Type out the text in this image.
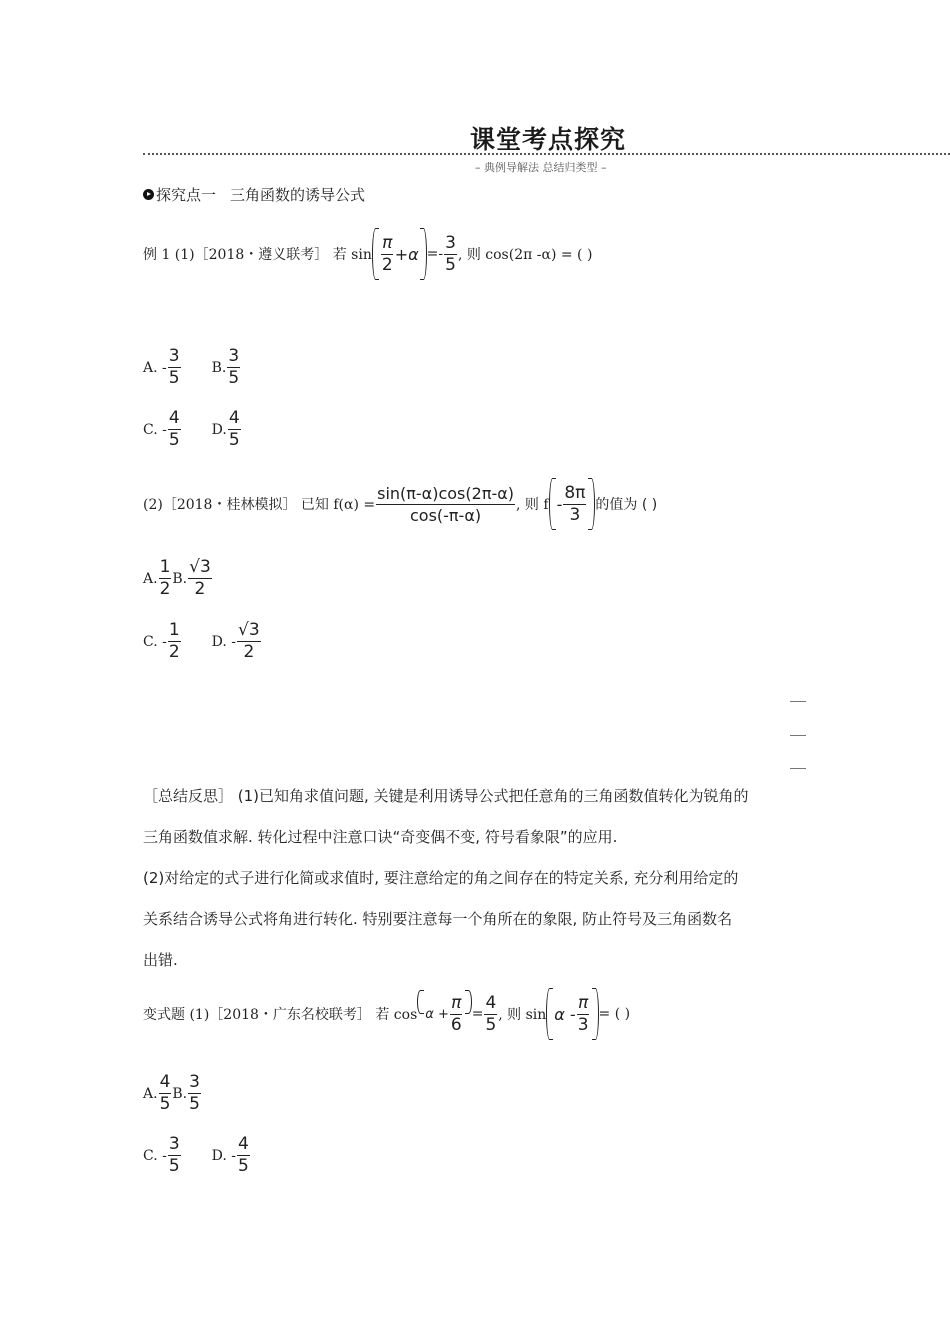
课堂考点探究
– 典例导解法 总结归类型 –
探究点一 三角函数的诱导公式
例 1 (1)［2018・遵义联考］ 若 $\sin \frac{\pi}{2} +\alpha =- \frac{3}{5}$ , 则 cos(2π -α) = ( )
A. - $\frac{3}{5} B$. $\frac{3}{5}$
C. - $\frac{4}{5} D$. $\frac{4}{5}$
(2)［2018・桂林模拟］ 已知 $f(\alpha) = \frac{\sin(\pi-\alpha)\cos(2\pi-\alpha)}{\cos(-\pi-\alpha)}$ , 则 f - $\frac{8\pi}{3}$ 的值为 ( )
A. $\frac{1}{2} B$. $\frac{√3}{2}$
C. - $\frac{1}{2} D$. - $\frac{√3}{2}$
［总结反思］ (1)已知角求值问题, 关键是利用诱导公式把任意角的三角函数值转化为锐角的
三角函数值求解. 转化过程中注意口诀“奇变偶不变, 符号看象限”的应用.
(2)对给定的式子进行化简或求值时, 要注意给定的角之间存在的特定关系, 充分利用给定的
关系结合诱导公式将角进行转化. 特别要注意每一个角所在的象限, 防止符号及三角函数名
出错.
变式题 (1)［2018・广东名校联考］ 若 $\cos \alpha + \frac{\pi}{6} = \frac{4}{5}$ , 则 sin α - $\frac{\pi}{3}$ = ( )
A. $\frac{4}{5} B$. $\frac{3}{5}$
C. - $\frac{3}{5} D$. - $\frac{4}{5}$
